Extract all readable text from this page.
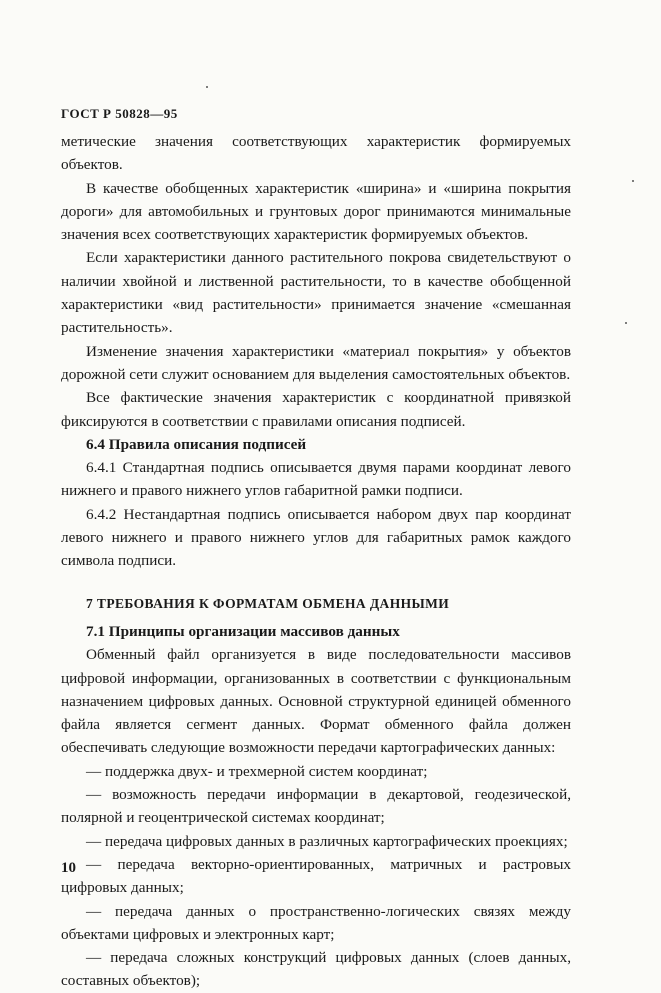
ГОСТ Р 50828—95

метические значения соответствующих характеристик формируемых объектов.

В качестве обобщенных характеристик «ширина» и «ширина покрытия дороги» для автомобильных и грунтовых дорог принимаются минимальные значения всех соответствующих характеристик формируемых объектов.

Если характеристики данного растительного покрова свидетельствуют о наличии хвойной и лиственной растительности, то в качестве обобщенной характеристики «вид растительности» принимается значение «смешанная растительность».

Изменение значения характеристики «материал покрытия» у объектов дорожной сети служит основанием для выделения самостоятельных объектов.

Все фактические значения характеристик с координатной привязкой фиксируются в соответствии с правилами описания подписей.

6.4 Правила описания подписей

6.4.1 Стандартная подпись описывается двумя парами координат левого нижнего и правого нижнего углов габаритной рамки подписи.

6.4.2 Нестандартная подпись описывается набором двух пар координат левого нижнего и правого нижнего углов для габаритных рамок каждого символа подписи.

7 ТРЕБОВАНИЯ К ФОРМАТАМ ОБМЕНА ДАННЫМИ

7.1 Принципы организации массивов данных

Обменный файл организуется в виде последовательности массивов цифровой информации, организованных в соответствии с функциональным назначением цифровых данных. Основной структурной единицей обменного файла является сегмент данных. Формат обменного файла должен обеспечивать следующие возможности передачи картографических данных:

— поддержка двух- и трехмерной систем координат;

— возможность передачи информации в декартовой, геодезической, полярной и геоцентрической системах координат;

— передача цифровых данных в различных картографических проекциях;

— передача векторно-ориентированных, матричных и растровых цифровых данных;

— передача данных о пространственно-логических связях между объектами цифровых и электронных карт;

— передача сложных конструкций цифровых данных (слоев данных, составных объектов);

10
